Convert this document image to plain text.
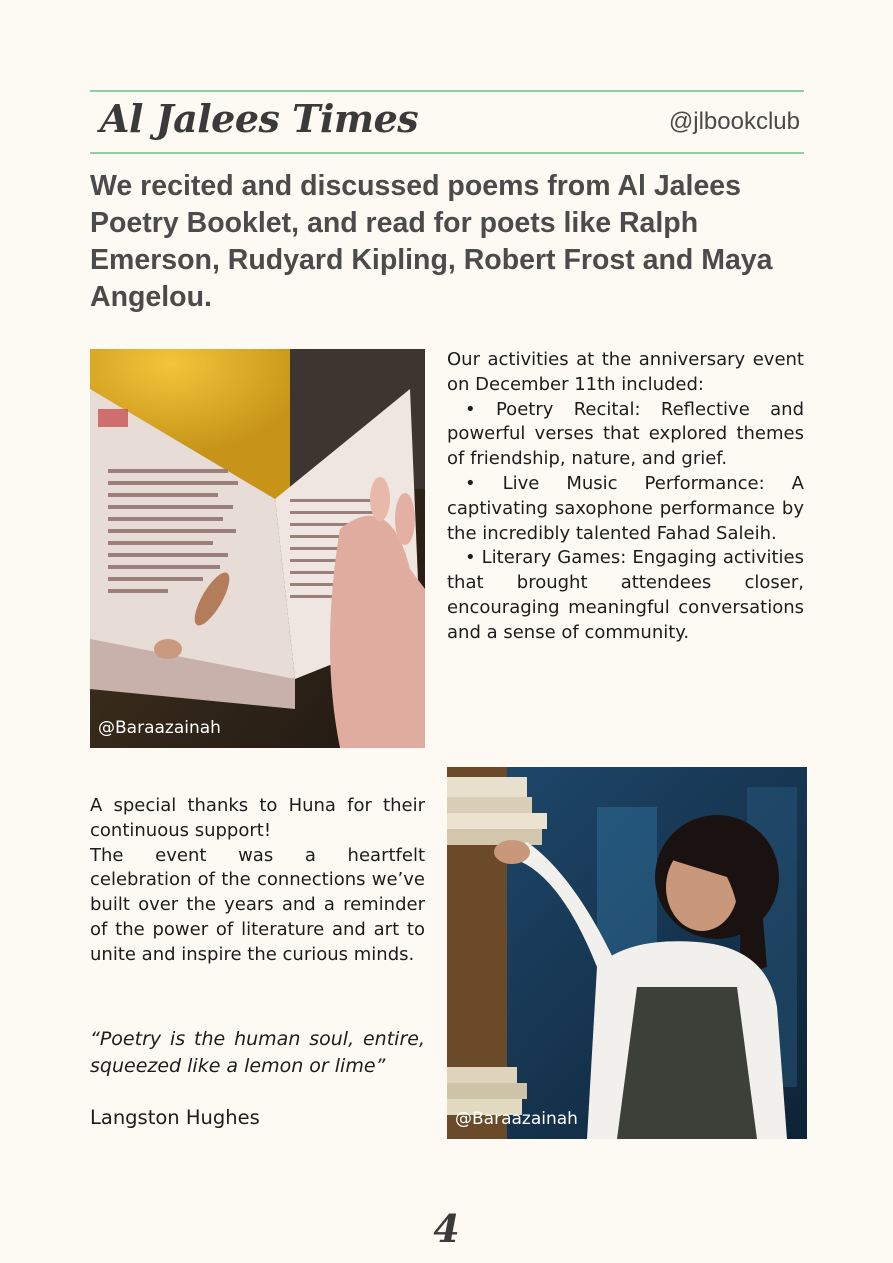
Al Jalees Times	@jlbookclub
We recited and discussed poems from Al Jalees Poetry Booklet, and read for poets like Ralph Emerson, Rudyard Kipling, Robert Frost and Maya Angelou.
@Baraazainah

Our activities at the anniversary event on December 11th included:

• Poetry Recital: Reflective and powerful verses that explored themes of friendship, nature, and grief.

• Live Music Performance: A captivating saxophone performance by the incredibly talented Fahad Saleih.

• Literary Games: Engaging activities that brought attendees closer, encouraging meaningful conversations and a sense of community.

A special thanks to Huna for their continuous support!

The event was a heartfelt celebration of the connections we’ve built over the years and a reminder of the power of literature and art to unite and inspire the curious minds.

“Poetry is the human soul, entire, squeezed like a lemon or lime”
Langston Hughes	@Baraazainah
4
